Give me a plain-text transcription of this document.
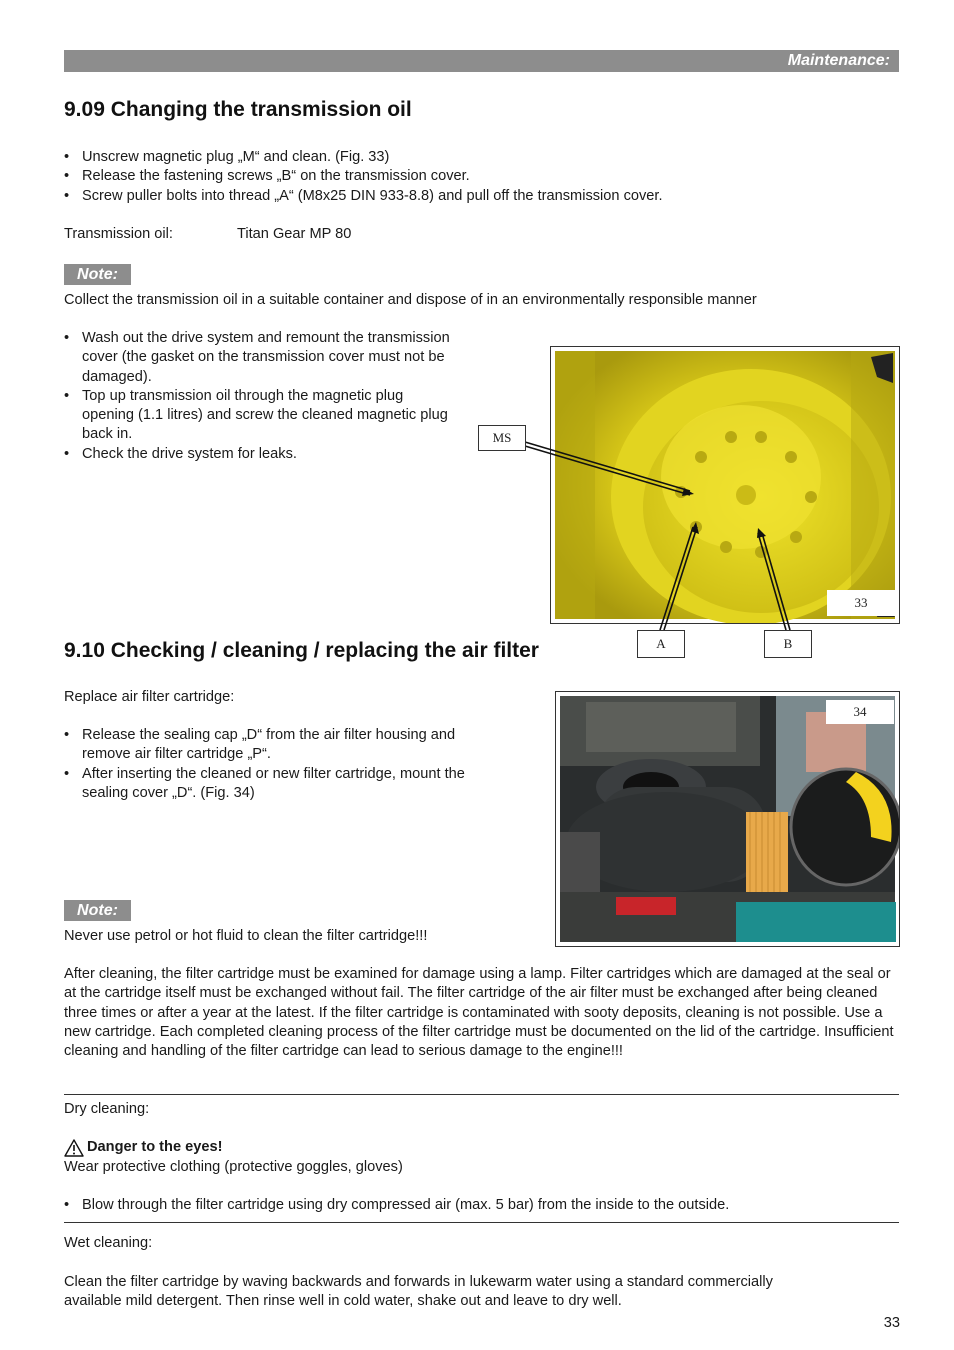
Maintenance:
9.09 Changing the transmission oil
• Unscrew magnetic plug „M“ and clean. (Fig. 33)
• Release the fastening screws „B“ on the transmission cover.
• Screw puller bolts into thread „A“ (M8x25 DIN 933-8.8) and pull off the transmission cover.
Transmission oil:	Titan Gear MP 80
Note:
Collect the transmission oil in a suitable container and dispose of in an environmentally responsible manner
• Wash out the drive system and remount the transmission cover (the gasket on the transmission cover must not be damaged).
• Top up transmission oil through the magnetic plug opening (1.1 litres) and screw the cleaned magnetic plug back in.
• Check the drive system for leaks.
33
MS
A	B
9.10 Checking / cleaning / replacing the air filter
Replace air filter cartridge:
• Release the sealing cap „D“ from the air filter housing and remove air filter cartridge „P“.
• After inserting the cleaned or new filter cartridge, mount the sealing cover „D“. (Fig. 34)
34
Note:
Never use petrol or hot fluid to clean the filter cartridge!!!
After cleaning, the filter cartridge must be examined for damage using a lamp. Filter cartridges which are damaged at the seal or at the cartridge itself must be exchanged without fail. The filter cartridge of the air filter must be exchanged after being cleaned three times or after a year at the latest. If the filter cartridge is contaminated with sooty deposits, cleaning is not possible. Use a new cartridge. Each completed cleaning process of the filter cartridge must be documented on the lid of the cartridge. Insufficient cleaning and handling of the filter cartridge can lead to serious damage to the engine!!!
Dry cleaning:
Danger to the eyes!
Wear protective clothing (protective goggles, gloves)
• Blow through the filter cartridge using dry compressed air (max. 5 bar) from the inside to the outside.
Wet cleaning:
Clean the filter cartridge by waving backwards and forwards in lukewarm water using a standard commercially available mild detergent. Then rinse well in cold water, shake out and leave to dry well.
33
